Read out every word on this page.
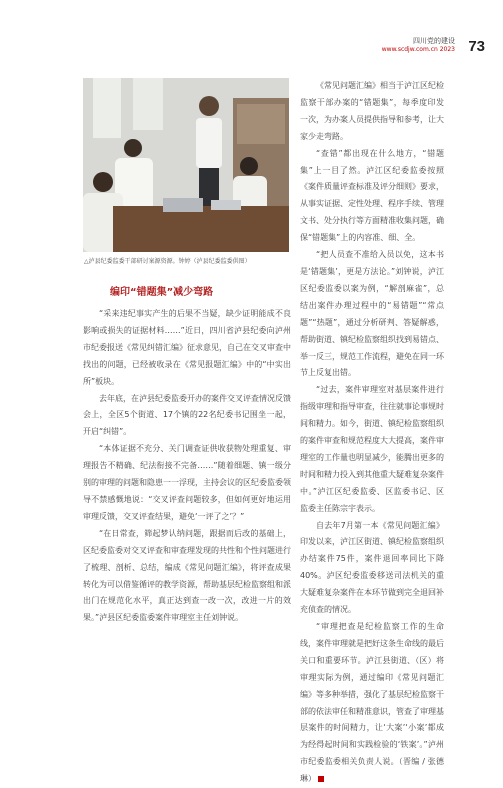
四川党的建设
www.scdjw.com.cn 2023 73
△泸县纪委监委干部研讨案源资源。钟婷（泸县纪委监委供图）
编印“错题集”减少弯路

“采来违纪事实产生的后果不当疑，缺少证明能成不良影响或损失的证据材料……”近日，四川省泸县纪委向泸州市纪委报送《常见纠错汇编》征求意见，自己在交叉审查中找出的问题，已经被收录在《常见报题汇编》中的“中实出所”板块。

去年底，在泸县纪委监委开办的案件交叉评查情况反馈会上，全区5个街道、17个镇的22名纪委书记围坐一起，开启“纠错”。

“本体证据不充分、关门调查证供收获物处理重复、审理报告不精确、纪法衔接不完备……”随着细题、镇一级分别的审理的问题和隐患一一浮现，主持会议的区纪委监委领导不禁感慨地说：“交叉评查问题较多，但如何更好地运用审理反馈，交叉评查结果，避免‘一评了之’？”

“在日常查，筛起梦认纳问题，跟据而后改的基础上，区纪委监委对交叉评查和审查理发现的共性和个性问题进行了梳理、剖析、总结，编成《常见问题汇编》，将评查成果转化为可以借鉴循评的教学资源，帮助基层纪检监察组和派出门在规范化水平，真正达到查一改一次，改进一片的效果。”泸县区纪委监委案件审理室主任刘钟说。

《常见问题汇编》相当于泸江区纪检监察干部办案的“错题集”，每季度印发一次，为办案人员提供指导和参考，让大家少走弯路。

“查错”都出现在什么地方，“错题集”上一目了然。泸江区纪委监委按照《案件质量评查标准及评分细则》要求，从事实证据、定性处理、程序手续、管理文书、处分执行等方面精准收集问题，确保“错题集”上的内容准、细、全。

“把人员查不准给入员以免，这本书是‘错题集’，更是方法论。”刘钟说，泸江区纪委监委以案为例，“解剖麻雀”，总结出案件办理过程中的“易错题”“常点题”“热题”，通过分析研判、答疑解惑，帮助街道、镇纪检监察组织找到易错点、举一反三，规范工作流程，避免在同一环节上反复出错。

“过去，案件审理室对基层案件进行指级审理和指导审查，往往就事论事规时间和精力。如今，街道、镇纪检监察组织的案件审查和规范程度大大提高，案件审理室的工作量也明显减少，能腾出更多的时间和精力投入到其他重大疑难复杂案件中。”泸江区纪委监委、区监委书记、区监委主任陈宗宇表示。

自去年7月第一本《常见问题汇编》印发以来，泸江区街道、镇纪检监察组织办结案件75件，案件退回率同比下降40%。泸区纪委监委移送司法机关的重大疑难复杂案件在本环节做到完全退回补充侦查的情况。

“审理把查是纪检监察工作的生命线，案件审理就是把好这条生命线的最后关口和重要环节。泸江县街道、（区）将审理实际为例，通过编印《常见问题汇编》等多种举措，强化了基层纪检监察干部的依法审任和精准意识，管查了审理基层案件的时间精力，让‘大案’‘小案’都成为经得起时间和实践检验的‘铁案’。”泸州市纪委监委相关负责人说。（晋编 / 张德琳）
